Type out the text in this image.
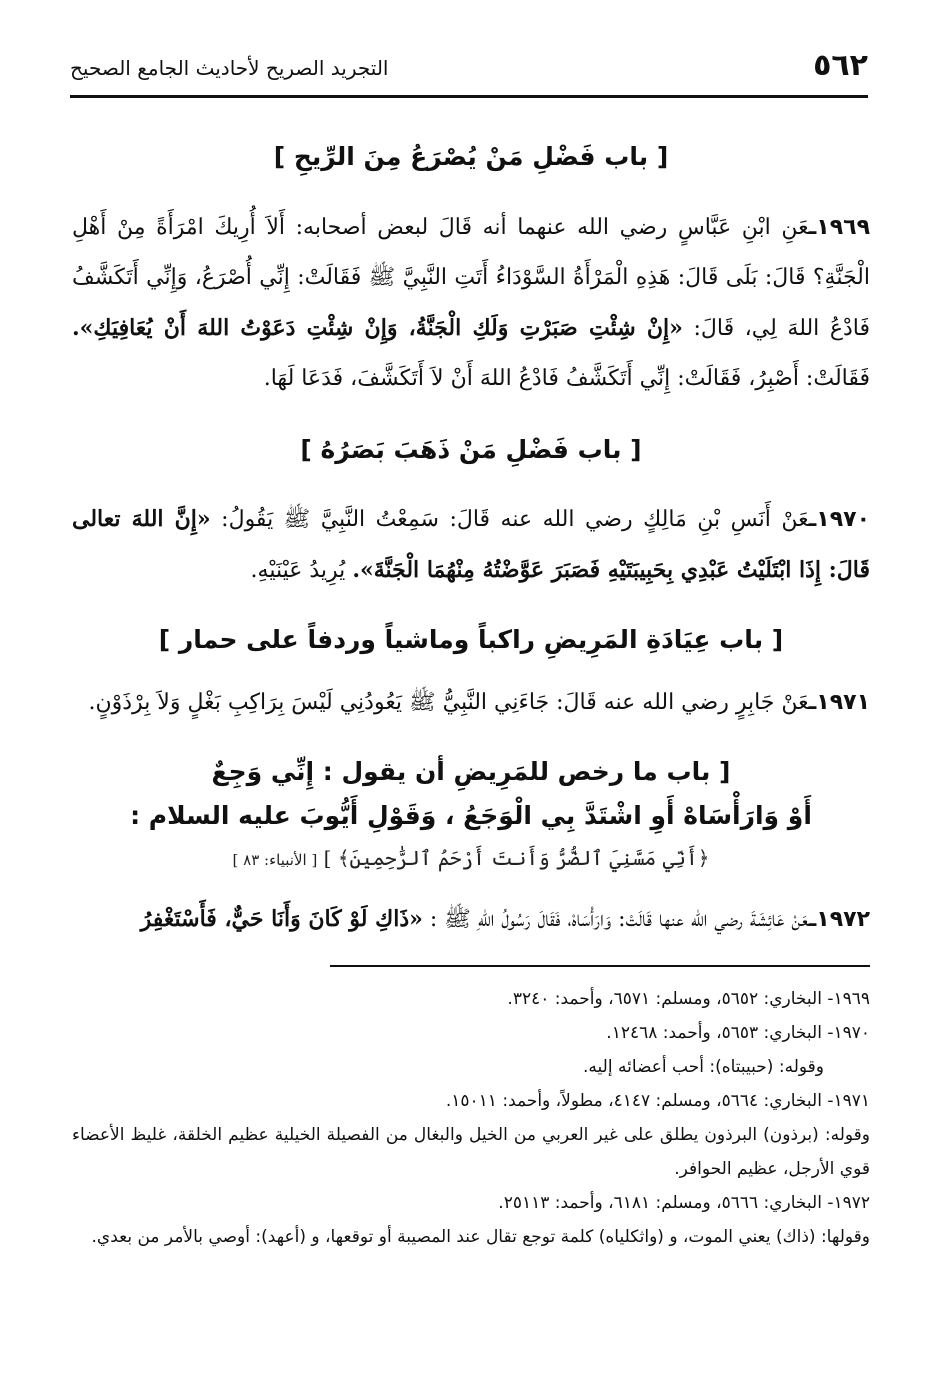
٥٦٢
التجريد الصريح لأحاديث الجامع الصحيح
[ باب فَضْلِ مَنْ يُصْرَعُ مِنَ الرِّيحِ ]

١٩٦٩ـعَنِ ابْنِ عَبَّاسٍ رضي الله عنهما أنه قَالَ لبعض أصحابه: أَلاَ أُرِيكَ امْرَأَةً مِنْ أَهْلِ الْجَنَّةِ؟ قَالَ: بَلَى قَالَ: هَذِهِ الْمَرْأَةُ السَّوْدَاءُ أَتَتِ النَّبِيَّ ﷺ فَقَالَتْ: إِنِّي أُصْرَعُ، وَإِنِّي أَتَكَشَّفُ فَادْعُ اللهَ لِي، قَالَ: «إِنْ شِئْتِ صَبَرْتِ وَلَكِ الْجَنَّةُ، وَإِنْ شِئْتِ دَعَوْتُ اللهَ أَنْ يُعَافِيَكِ». فَقَالَتْ: أَصْبِرُ، فَقَالَتْ: إِنِّي أَتَكَشَّفُ فَادْعُ اللهَ أَنْ لاَ أَتَكَشَّفَ، فَدَعَا لَهَا.

[ باب فَضْلِ مَنْ ذَهَبَ بَصَرُهُ ]

١٩٧٠ـعَنْ أَنَسِ بْنِ مَالِكٍ رضي الله عنه قَالَ: سَمِعْتُ النَّبِيَّ ﷺ يَقُولُ: «إِنَّ اللهَ تعالى قَالَ: إِذَا ابْتَلَيْتُ عَبْدِي بِحَبِيبَتَيْهِ فَصَبَرَ عَوَّضْتُهُ مِنْهُمَا الْجَنَّةَ». يُرِيدُ عَيْنَيْهِ.

[ باب عِيَادَةِ المَرِيضِ راكباً وماشياً وردفاً على حمار ]

١٩٧١ـعَنْ جَابِرٍ رضي الله عنه قَالَ: جَاءَنِي النَّبِيُّ ﷺ يَعُودُنِي لَيْسَ بِرَاكِبِ بَغْلٍ وَلاَ بِرْذَوْنٍ.

[ باب ما رخص للمَرِيضِ أن يقول : إِنِّي وَجِعٌ
أَوْ وَارَأْسَاهْ أَوِ اشْتَدَّ بِي الْوَجَعُ ، وَقَوْلِ أَيُّوبَ عليه السلام :
﴿أَنِّي مَسَّنِيَ ٱلضُّرُّ وَأَنتَ أَرْحَمُ ٱلرَّٰحِمِينَ﴾ ] [ الأنبياء: ٨٣ ]

١٩٧٢ـعَنْ عَائِشَةَ رضي الله عنها قَالَتْ: وَارَأْسَاهْ، فَقَالَ رَسُولُ اللهِ ﷺ : «ذَاكِ لَوْ كَانَ وَأَنَا حَيٌّ، فَأَسْتَغْفِرُ

١٩٦٩- البخاري: ٥٦٥٢، ومسلم: ٦٥٧١، وأحمد: ٣٢٤٠.

١٩٧٠- البخاري: ٥٦٥٣، وأحمد: ١٢٤٦٨.

وقوله: (حبيبتاه): أحب أعضائه إليه.

١٩٧١- البخاري: ٥٦٦٤، ومسلم: ٤١٤٧، مطولاً، وأحمد: ١٥٠١١.

وقوله: (برذون) البرذون يطلق على غير العربي من الخيل والبغال من الفصيلة الخيلية عظيم الخلقة، غليظ الأعضاء قوي الأرجل، عظيم الحوافر.

١٩٧٢- البخاري: ٥٦٦٦، ومسلم: ٦١٨١، وأحمد: ٢٥١١٣.

وقولها: (ذاك) يعني الموت، و (واثكلياه) كلمة توجع تقال عند المصيبة أو توقعها، و (أعهد): أوصي بالأمر من بعدي.
